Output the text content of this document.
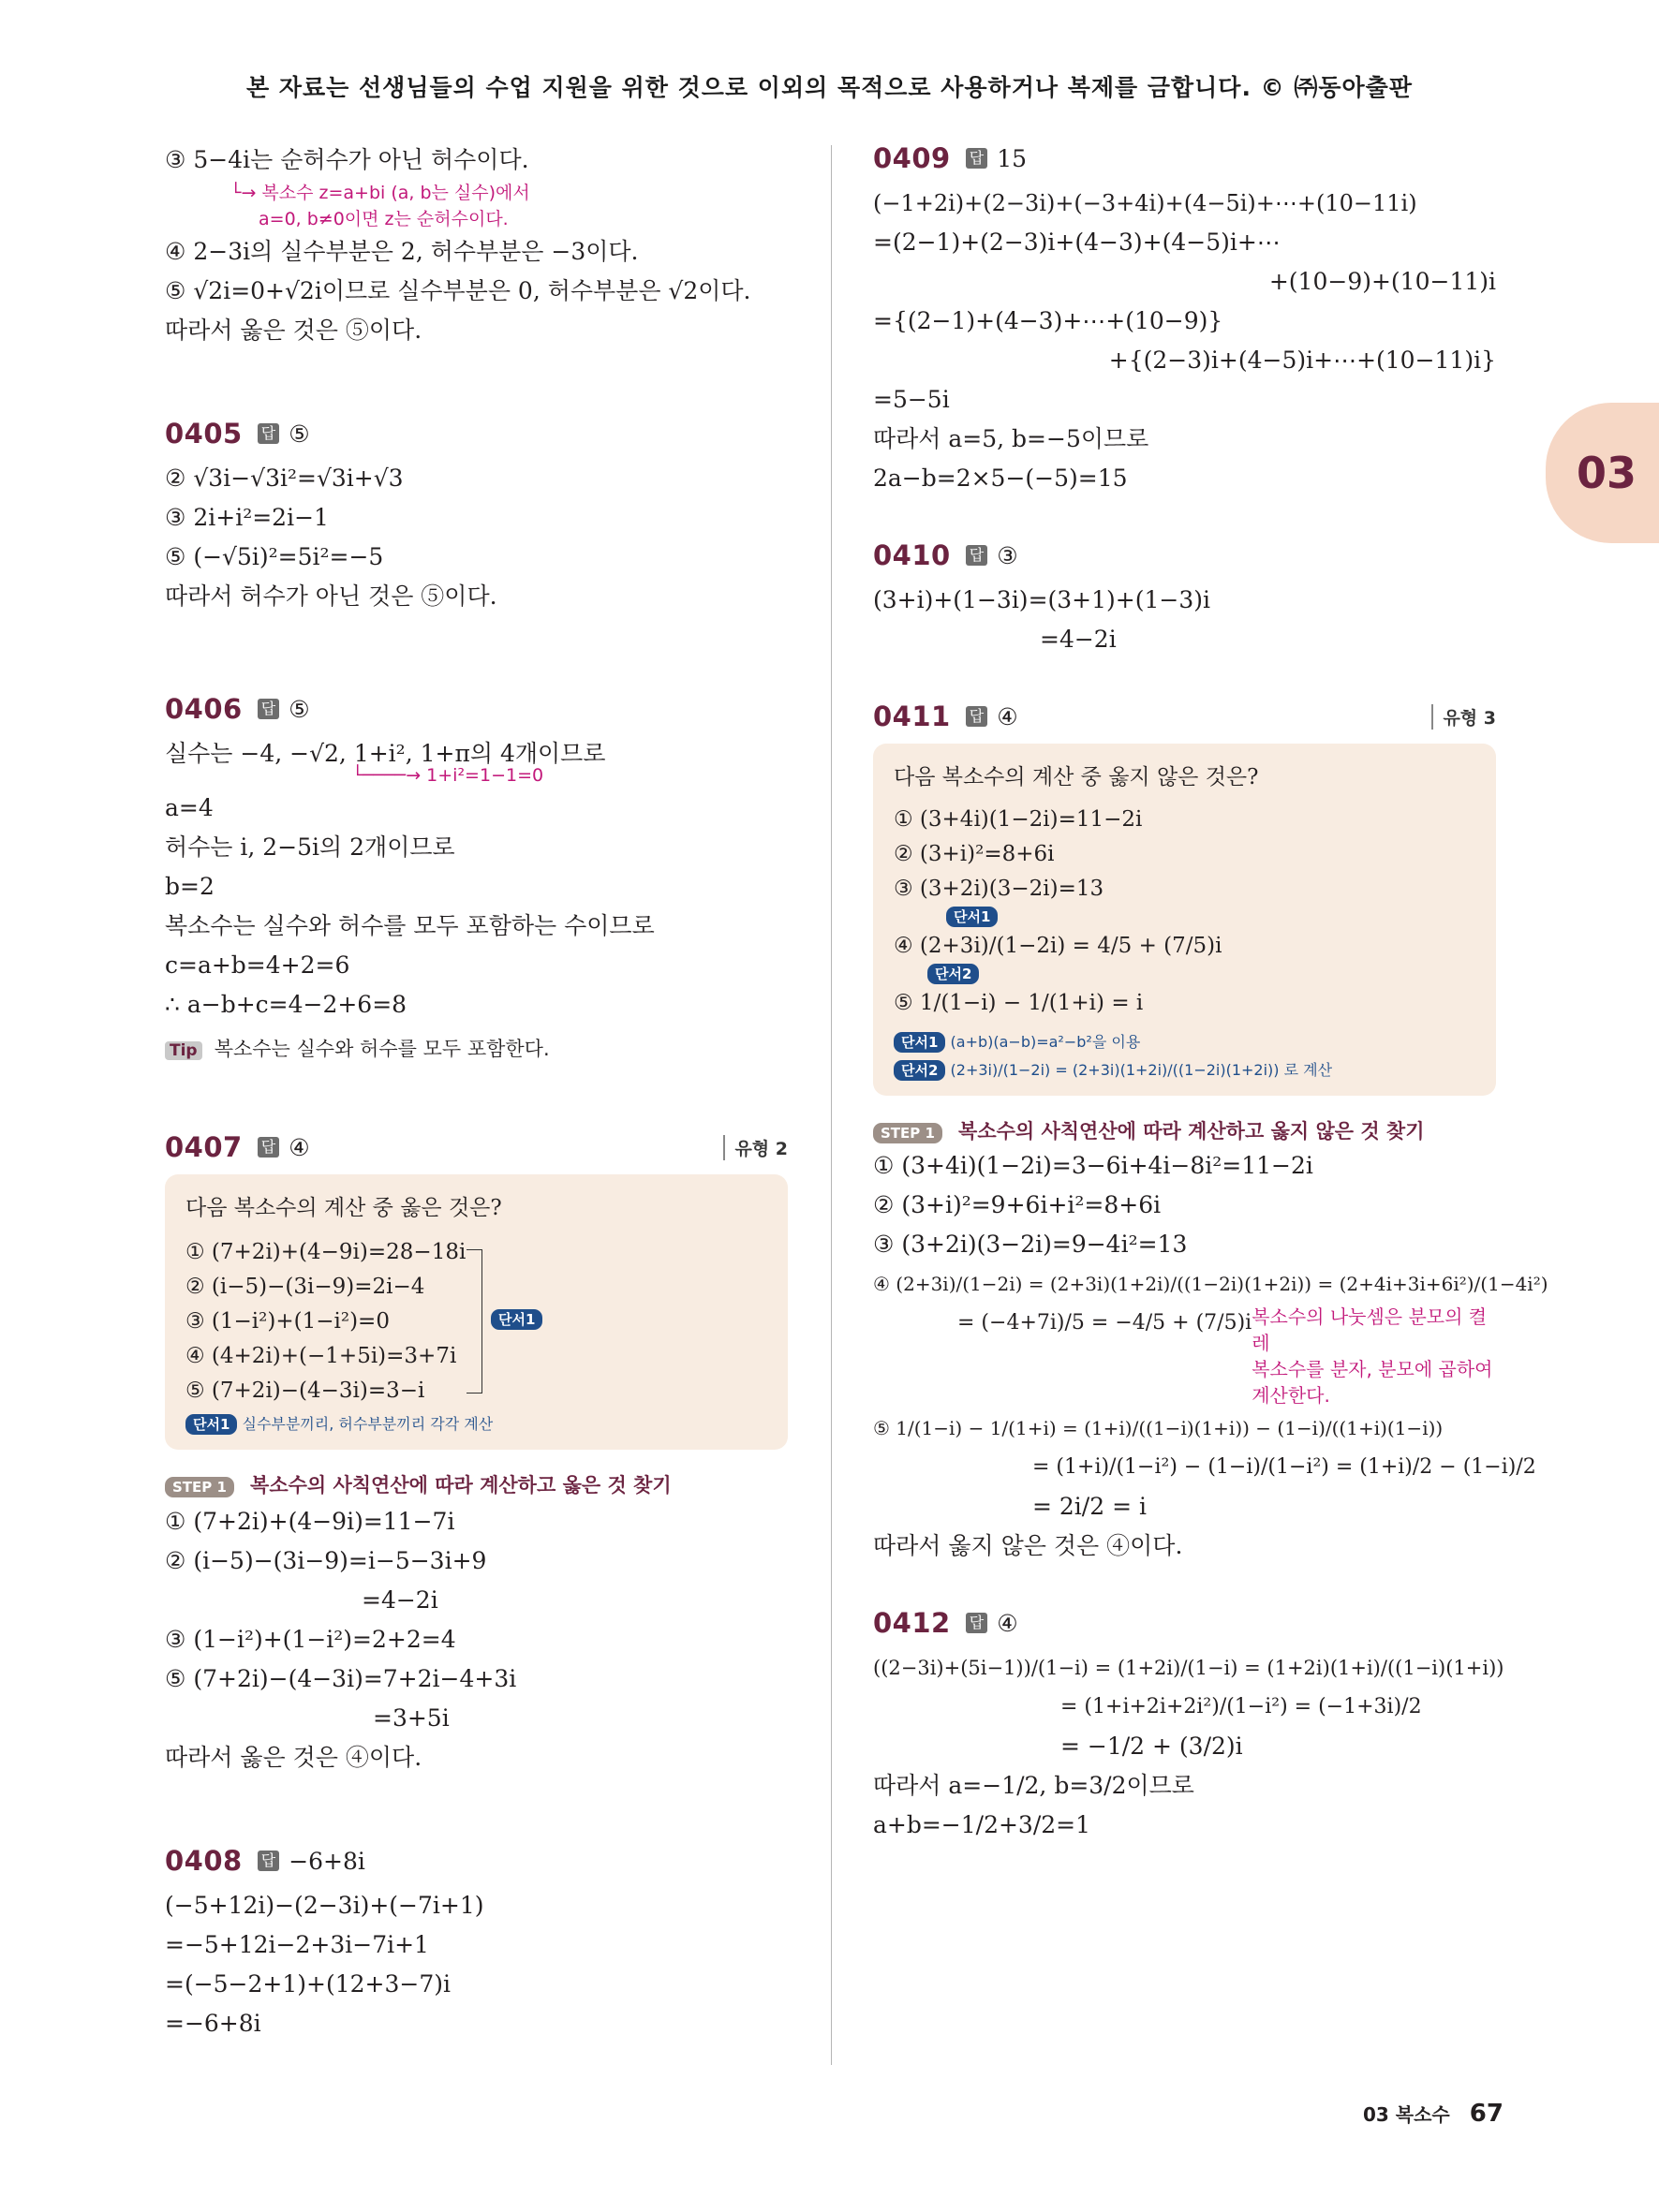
본 자료는 선생님들의 수업 지원을 위한 것으로 이외의 목적으로 사용하거나 복제를 금합니다. © ㈜동아출판
03
③ 5−4i는 순허수가 아닌 허수이다.
└→ 복소수 z=a+bi (a, b는 실수)에서
a=0, b≠0이면 z는 순허수이다.
④ 2−3i의 실수부분은 2, 허수부분은 −3이다.
⑤ √2i=0+√2i이므로 실수부분은 0, 허수부분은 √2이다.
따라서 옳은 것은 ⑤이다.
0405 답 ⑤
② √3i−√3i²=√3i+√3
③ 2i+i²=2i−1
⑤ (−√5i)²=5i²=−5
따라서 허수가 아닌 것은 ⑤이다.
0406 답 ⑤
실수는 −4, −√2, 1+i², 1+π의 4개이므로
└────→ 1+i²=1−1=0
a=4
허수는 i, 2−5i의 2개이므로
b=2
복소수는 실수와 허수를 모두 포함하는 수이므로
c=a+b=4+2=6
∴ a−b+c=4−2+6=8
Tip 복소수는 실수와 허수를 모두 포함한다.
0407 답 ④	유형 2
다음 복소수의 계산 중 옳은 것은?
① (7+2i)+(4−9i)=28−18i
② (i−5)−(3i−9)=2i−4
③ (1−i²)+(1−i²)=0
④ (4+2i)+(−1+5i)=3+7i
⑤ (7+2i)−(4−3i)=3−i
단서1
단서1 실수부분끼리, 허수부분끼리 각각 계산
STEP 1 복소수의 사칙연산에 따라 계산하고 옳은 것 찾기
① (7+2i)+(4−9i)=11−7i
② (i−5)−(3i−9)=i−5−3i+9
=4−2i
③ (1−i²)+(1−i²)=2+2=4
⑤ (7+2i)−(4−3i)=7+2i−4+3i
=3+5i
따라서 옳은 것은 ④이다.
0408 답 −6+8i
(−5+12i)−(2−3i)+(−7i+1)
=−5+12i−2+3i−7i+1
=(−5−2+1)+(12+3−7)i
=−6+8i
0409 답 15
(−1+2i)+(2−3i)+(−3+4i)+(4−5i)+⋯+(10−11i)
=(2−1)+(2−3)i+(4−3)+(4−5)i+⋯
+(10−9)+(10−11)i
={(2−1)+(4−3)+⋯+(10−9)}
+{(2−3)i+(4−5)i+⋯+(10−11)i}
=5−5i
따라서 a=5, b=−5이므로
2a−b=2×5−(−5)=15
0410 답 ③
(3+i)+(1−3i)=(3+1)+(1−3)i
=4−2i
0411 답 ④	유형 3
다음 복소수의 계산 중 옳지 않은 것은?
① (3+4i)(1−2i)=11−2i
② (3+i)²=8+6i
③ (3+2i)(3−2i)=13
단서1
④ (2+3i)/(1−2i) = 4/5 + (7/5)i
단서2
⑤ 1/(1−i) − 1/(1+i) = i
단서1 (a+b)(a−b)=a²−b²을 이용
단서2 (2+3i)/(1−2i) = (2+3i)(1+2i)/((1−2i)(1+2i)) 로 계산
STEP 1 복소수의 사칙연산에 따라 계산하고 옳지 않은 것 찾기
① (3+4i)(1−2i)=3−6i+4i−8i²=11−2i
② (3+i)²=9+6i+i²=8+6i
③ (3+2i)(3−2i)=9−4i²=13
④ (2+3i)/(1−2i) = (2+3i)(1+2i)/((1−2i)(1+2i)) = (2+4i+3i+6i²)/(1−4i²)
= (−4+7i)/5 = −4/5 + (7/5)i 복소수의 나눗셈은 분모의 켤레
복소수를 분자, 분모에 곱하여
계산한다.
⑤ 1/(1−i) − 1/(1+i) = (1+i)/((1−i)(1+i)) − (1−i)/((1+i)(1−i))
= (1+i)/(1−i²) − (1−i)/(1−i²) = (1+i)/2 − (1−i)/2
= 2i/2 = i
따라서 옳지 않은 것은 ④이다.
0412 답 ④
((2−3i)+(5i−1))/(1−i) = (1+2i)/(1−i) = (1+2i)(1+i)/((1−i)(1+i))
= (1+i+2i+2i²)/(1−i²) = (−1+3i)/2
= −1/2 + (3/2)i
따라서 a=−1/2, b=3/2이므로
a+b=−1/2+3/2=1
03 복소수 67
